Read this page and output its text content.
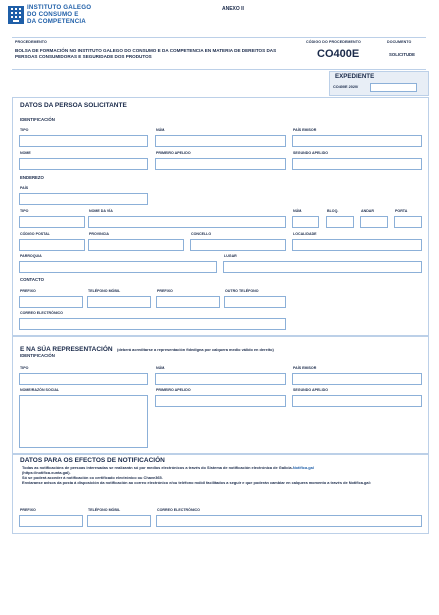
INSTITUTO GALEGO
DO CONSUMO E
DA COMPETENCIA
ANEXO II
PROCEDEMENTO
BOLSA DE FORMACIÓN NO INSTITUTO GALEGO DO CONSUMO E DA COMPETENCIA EN MATERIA DE DEREITOS DAS PERSOAS CONSUMIDORAS E SEGURIDADE DOS PRODUTOS
CÓDIGO DO PROCEDEMENTO
CO400E
DOCUMENTO
SOLICITUDE
EXPEDIENTE
CO400E 2020/
DATOS DA PERSOA SOLICITANTE
IDENTIFICACIÓN
TIPO	NÚM.	PAÍS EMISOR
NOME	PRIMEIRO APELIDO	SEGUNDO APELIDO
ENDEREZO
PAÍS
TIPO	NOME DA VÍA	NÚM.	BLOQ.	ANDAR	PORTA
CÓDIGO POSTAL	PROVINCIA	CONCELLO	LOCALIDADE
PARROQUIA	LUGAR
CONTACTO
PREFIXO	TELÉFONO MÓBIL	PREFIXO	OUTRO TELÉFONO
CORREO ELECTRÓNICO
E NA SÚA REPRESENTACIÓN (deberá acreditarse a representación fidedigna por calquera medio válido en dereito)
IDENTIFICACIÓN
TIPO	NÚM.	PAÍS EMISOR
NOME/RAZÓN SOCIAL	PRIMEIRO APELIDO	SEGUNDO APELIDO
DATOS PARA OS EFECTOS DE NOTIFICACIÓN
Todas as notificacións de persoas interesadas se realizarán só por medios electrónicos a través do Sistema de notificación electrónica de Galicia-Notifica.gal
(https://notifica.xunta.gal).
Só se poderá acceder á notificación co certificado electrónico ou Chave365.
Enviaranse avisos da posta á disposición da notificación ao correo electrónico e/ou teléfono móbil facilitados a seguir e que poderán cambiar en calquera momento a través de Notifica.gal:
PREFIXO	TELÉFONO MÓBIL	CORREO ELECTRÓNICO
